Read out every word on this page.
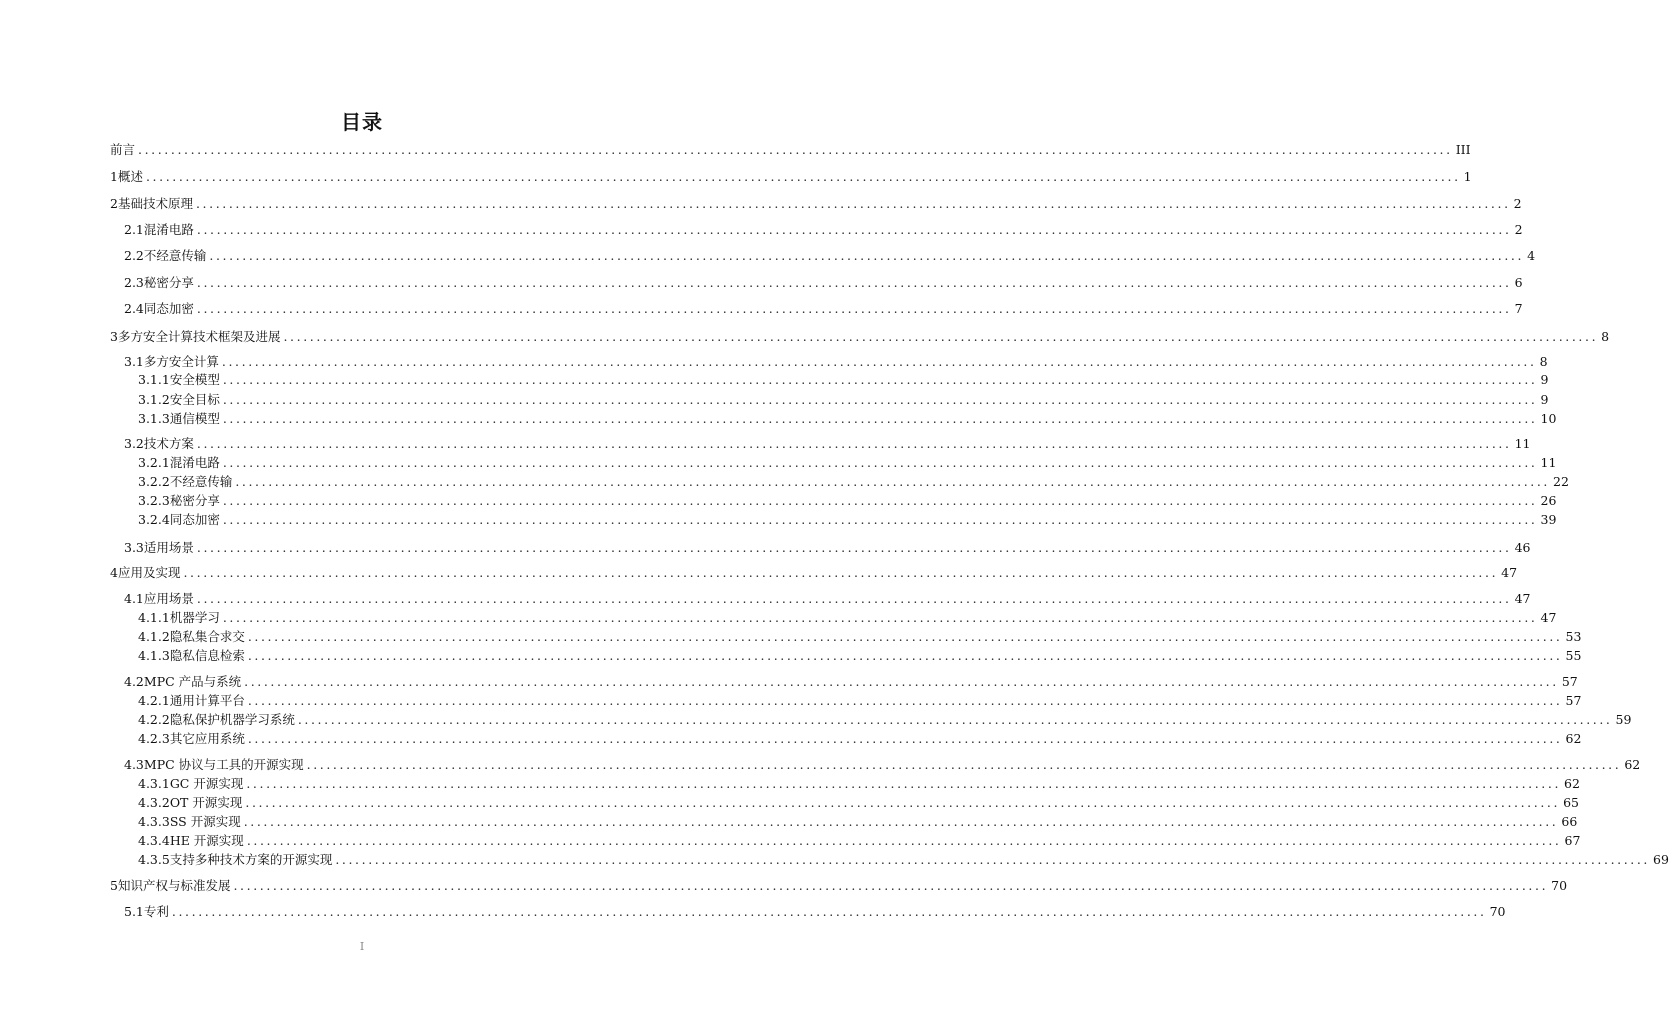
目录
前言 ........................................................................................................................................................................................................ III
1 概述 ........................................................................................................................................................................................................ 1
2 基础技术原理 ........................................................................................................................................................................................................ 2
2.1 混淆电路 ........................................................................................................................................................................................................ 2
2.2 不经意传输 ........................................................................................................................................................................................................ 4
2.3 秘密分享 ........................................................................................................................................................................................................ 6
2.4 同态加密 ........................................................................................................................................................................................................ 7
3 多方安全计算技术框架及进展 ........................................................................................................................................................................................................ 8
3.1 多方安全计算 ........................................................................................................................................................................................................ 8
3.1.1 安全模型 ........................................................................................................................................................................................................ 9
3.1.2 安全目标 ........................................................................................................................................................................................................ 9
3.1.3 通信模型 ........................................................................................................................................................................................................ 10
3.2 技术方案 ........................................................................................................................................................................................................ 11
3.2.1 混淆电路 ........................................................................................................................................................................................................ 11
3.2.2 不经意传输 ........................................................................................................................................................................................................ 22
3.2.3 秘密分享 ........................................................................................................................................................................................................ 26
3.2.4 同态加密 ........................................................................................................................................................................................................ 39
3.3 适用场景 ........................................................................................................................................................................................................ 46
4 应用及实现 ........................................................................................................................................................................................................ 47
4.1 应用场景 ........................................................................................................................................................................................................ 47
4.1.1 机器学习 ........................................................................................................................................................................................................ 47
4.1.2 隐私集合求交 ........................................................................................................................................................................................................ 53
4.1.3 隐私信息检索 ........................................................................................................................................................................................................ 55
4.2 MPC 产品与系统 ........................................................................................................................................................................................................ 57
4.2.1 通用计算平台 ........................................................................................................................................................................................................ 57
4.2.2 隐私保护机器学习系统 ........................................................................................................................................................................................................ 59
4.2.3 其它应用系统 ........................................................................................................................................................................................................ 62
4.3 MPC 协议与工具的开源实现 ........................................................................................................................................................................................................ 62
4.3.1 GC 开源实现 ........................................................................................................................................................................................................ 62
4.3.2 OT 开源实现 ........................................................................................................................................................................................................ 65
4.3.3 SS 开源实现 ........................................................................................................................................................................................................ 66
4.3.4 HE 开源实现 ........................................................................................................................................................................................................ 67
4.3.5 支持多种技术方案的开源实现 ........................................................................................................................................................................................................ 69
5 知识产权与标准发展 ........................................................................................................................................................................................................ 70
5.1 专利 ........................................................................................................................................................................................................ 70
I
